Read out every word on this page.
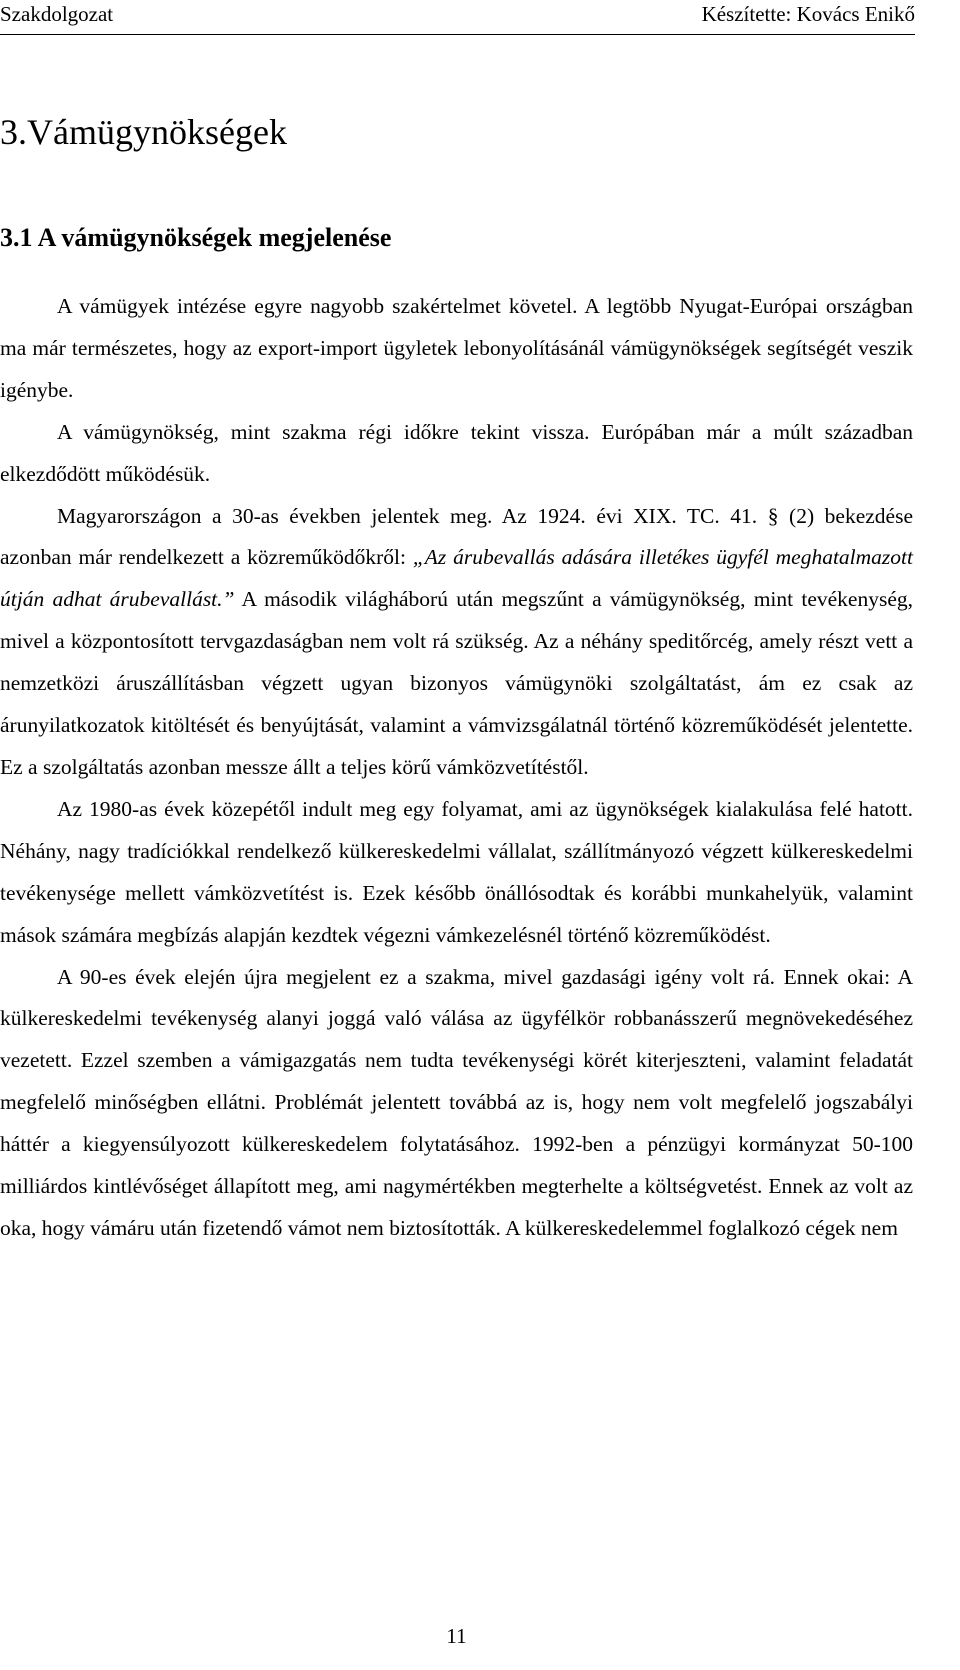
Szakdolgozat	Készítette: Kovács Enikő
3.Vámügynökségek
3.1 A vámügynökségek megjelenése

A vámügyek intézése egyre nagyobb szakértelmet követel. A legtöbb Nyugat-Európai országban ma már természetes, hogy az export-import ügyletek lebonyolításánál vámügynökségek segítségét veszik igénybe.

A vámügynökség, mint szakma régi időkre tekint vissza. Európában már a múlt században elkezdődött működésük.

Magyarországon a 30-as években jelentek meg. Az 1924. évi XIX. TC. 41. § (2) bekezdése azonban már rendelkezett a közreműködőkről: „Az árubevallás adására illetékes ügyfél meghatalmazott útján adhat árubevallást.” A második világháború után megszűnt a vámügynökség, mint tevékenység, mivel a központosított tervgazdaságban nem volt rá szükség. Az a néhány speditőrcég, amely részt vett a nemzetközi áruszállításban végzett ugyan bizonyos vámügynöki szolgáltatást, ám ez csak az árunyilatkozatok kitöltését és benyújtását, valamint a vámvizsgálatnál történő közreműködését jelentette. Ez a szolgáltatás azonban messze állt a teljes körű vámközvetítéstől.

Az 1980-as évek közepétől indult meg egy folyamat, ami az ügynökségek kialakulása felé hatott. Néhány, nagy tradíciókkal rendelkező külkereskedelmi vállalat, szállítmányozó végzett külkereskedelmi tevékenysége mellett vámközvetítést is. Ezek később önállósodtak és korábbi munkahelyük, valamint mások számára megbízás alapján kezdtek végezni vámkezelésnél történő közreműködést.

A 90-es évek elején újra megjelent ez a szakma, mivel gazdasági igény volt rá. Ennek okai: A külkereskedelmi tevékenység alanyi joggá való válása az ügyfélkör robbanásszerű megnövekedéséhez vezetett. Ezzel szemben a vámigazgatás nem tudta tevékenységi körét kiterjeszteni, valamint feladatát megfelelő minőségben ellátni. Problémát jelentett továbbá az is, hogy nem volt megfelelő jogszabályi háttér a kiegyensúlyozott külkereskedelem folytatásához. 1992-ben a pénzügyi kormányzat 50-100 milliárdos kintlévőséget állapított meg, ami nagymértékben megterhelte a költségvetést. Ennek az volt az oka, hogy vámáru után fizetendő vámot nem biztosították. A külkereskedelemmel foglalkozó cégek nem

11
